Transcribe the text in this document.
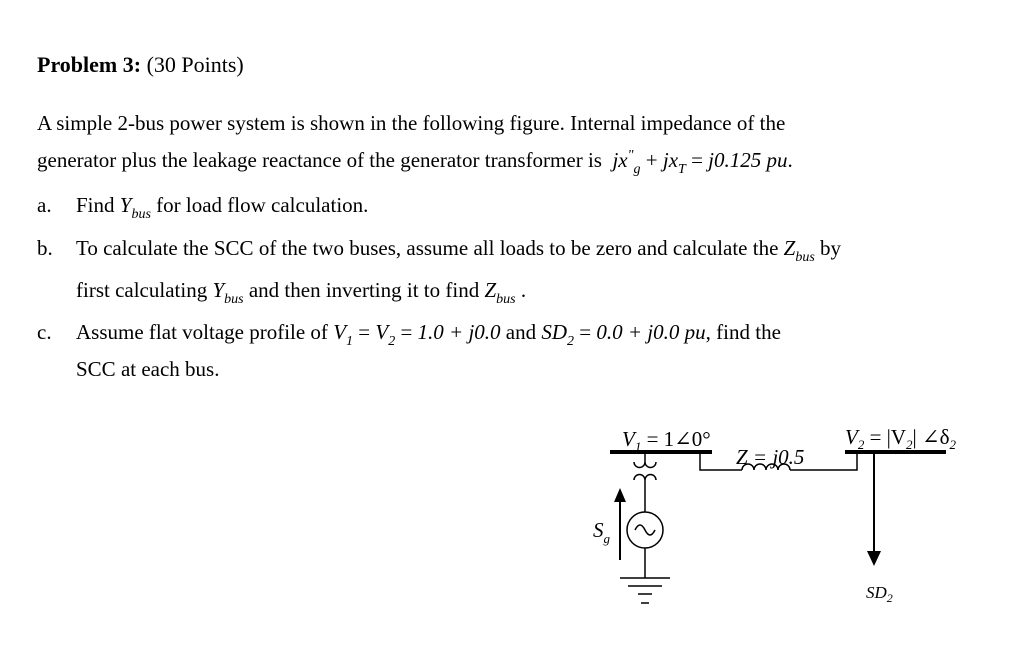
Problem 3: (30 Points)
A simple 2-bus power system is shown in the following figure. Internal impedance of the
generator plus the leakage reactance of the generator transformer is $jx^"_g + jx_T = j0.125$ pu.
a. Find $Y_{bus}$ for load flow calculation.
b. To calculate the SCC of the two buses, assume all loads to be zero and calculate the $Z_{bus}$ by
first calculating $Y_{bus}$ and then inverting it to find $Z_{bus}$ .
c. Assume flat voltage profile of $V_1 = V_2 = 1.0 + j0.0$ and $SD_2 = 0.0 + j0.0$ pu, find the
SCC at each bus.
$V_1$ = 1∠0°
Z = j0.5
$V_2 = |V_2|$ $\angle\delta_2$
$S_g$
SD2
